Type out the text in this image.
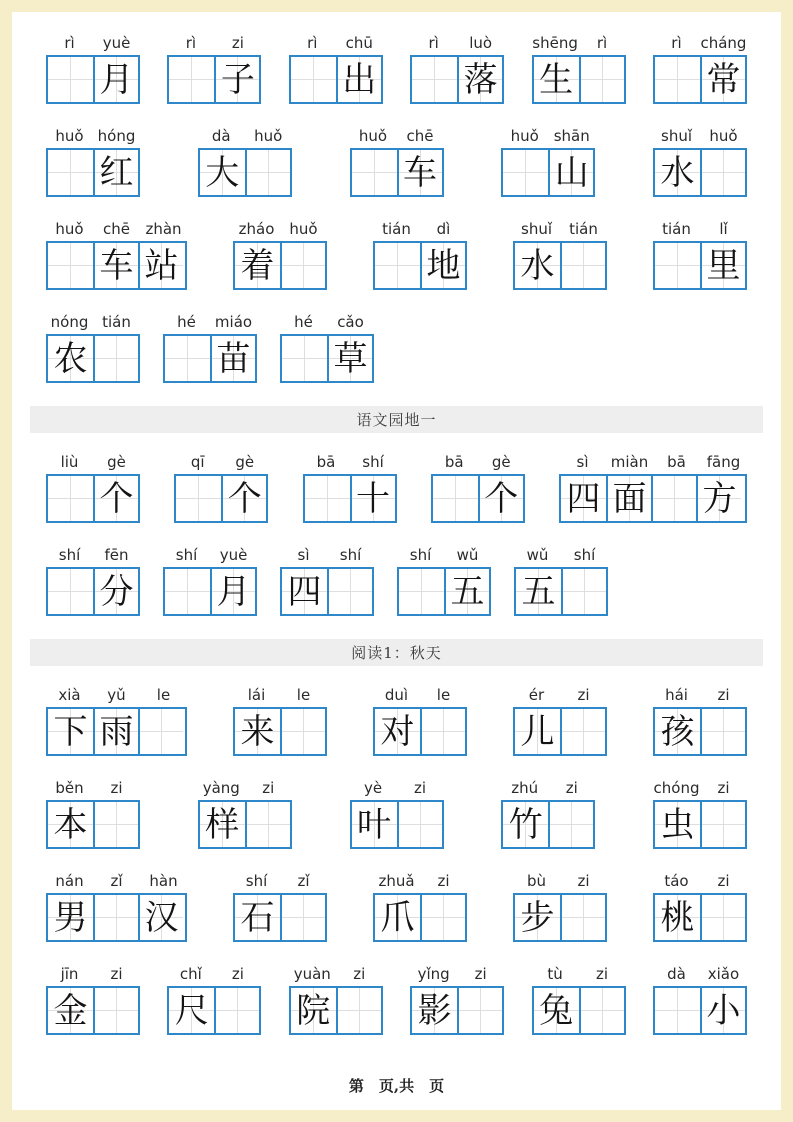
rì	yuè
月
rì	zi
子
rì	chū
出
rì	luò
落
shēng	rì
生
rì	cháng
常
huǒ hóng
红
dà	huǒ
大
huǒ	chē
车
huǒ shān
山
shuǐ	huǒ
水
huǒ	chē	zhàn
车 站
zháo	huǒ
着
tián	dì
地
shuǐ	tián
水
tián	lǐ
里
nóng tián
农
hé	miáo
苗
hé	cǎo
草
语文园地一
liù	gè
个
qī	gè
个
bā	shí
十
bā	gè
个
sì	miàn	bā	fāng
四 面 方
shí	fēn
分
shí	yuè
月
sì	shí
四
shí	wǔ
五
wǔ	shí
五
阅读1：秋天
xià	yǔ	le
下 雨
lái	le
来
duì	le
对
ér	zi
儿
hái	zi
孩
běn	zi
本
yàng	zi
样
yè	zi
叶
zhú	zi
竹
chóng	zi
虫
nán	zǐ	hàn
男 汉
shí	zǐ
石
zhuǎ	zi
爪
bù	zi
步
táo	zi
桃
jīn	zi
金
chǐ	zi
尺
yuàn	zi
院
yǐng	zi
影
tù	zi
兔
dà	xiǎo
小
第　页,共　页
